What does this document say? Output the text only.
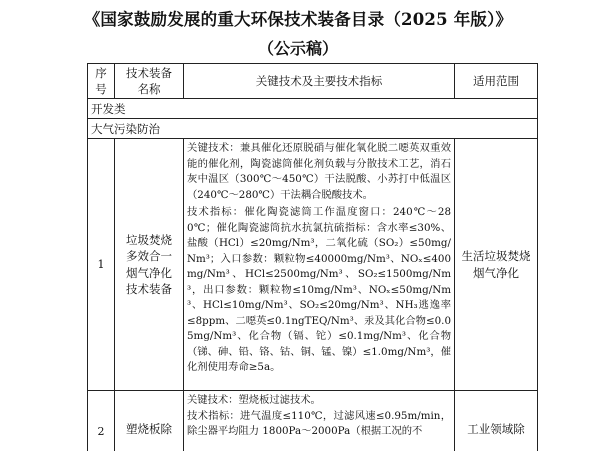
《国家鼓励发展的重大环保技术装备目录（2025 年版）》
（公示稿）
序号	技术装备名称	关键技术及主要技术指标	适用范围
开发类			
大气污染防治			
1	垃圾焚烧多效合一烟气净化技术装备	关键技术：兼具催化还原脱硝与催化氧化脱二噁英双重效能的催化剂，陶瓷滤筒催化剂负载与分散技术工艺，消石灰中温区（300℃～450℃）干法脱酸、小苏打中低温区（240℃～280℃）干法耦合脱酸技术。

技术指标：催化陶瓷滤筒工作温度窗口：240℃～280℃；催化陶瓷滤筒抗水抗氯抗硫指标：含水率≤30%、盐酸（HCl）≤20mg/Nm³，二氧化硫（SO₂）≤50mg/Nm³；入口参数：颗粒物≤40000mg/Nm³、NOₓ≤400mg/Nm³、HCl≤2500mg/Nm³、SO₂≤1500mg/Nm³，出口参数：颗粒物≤10mg/Nm³、NOₓ≤50mg/Nm³、HCl≤10mg/Nm³、SO₂≤20mg/Nm³、NH₃逃逸率≤8ppm、二噁英≤0.1ngTEQ/Nm³、汞及其化合物≤0.05mg/Nm³、化合物（镉、铊）≤0.1mg/Nm³、化合物（锑、砷、铅、铬、钴、铜、锰、镍）≤1.0mg/Nm³，催化剂使用寿命≥5a。	生活垃圾焚烧烟气净化
2	塑烧板除	关键技术：塑烧板过滤技术。

技术指标：进气温度≤110℃，过滤风速≤0.95m/min，除尘器平均阻力 1800Pa～2000Pa（根据工况的不	工业领域除
